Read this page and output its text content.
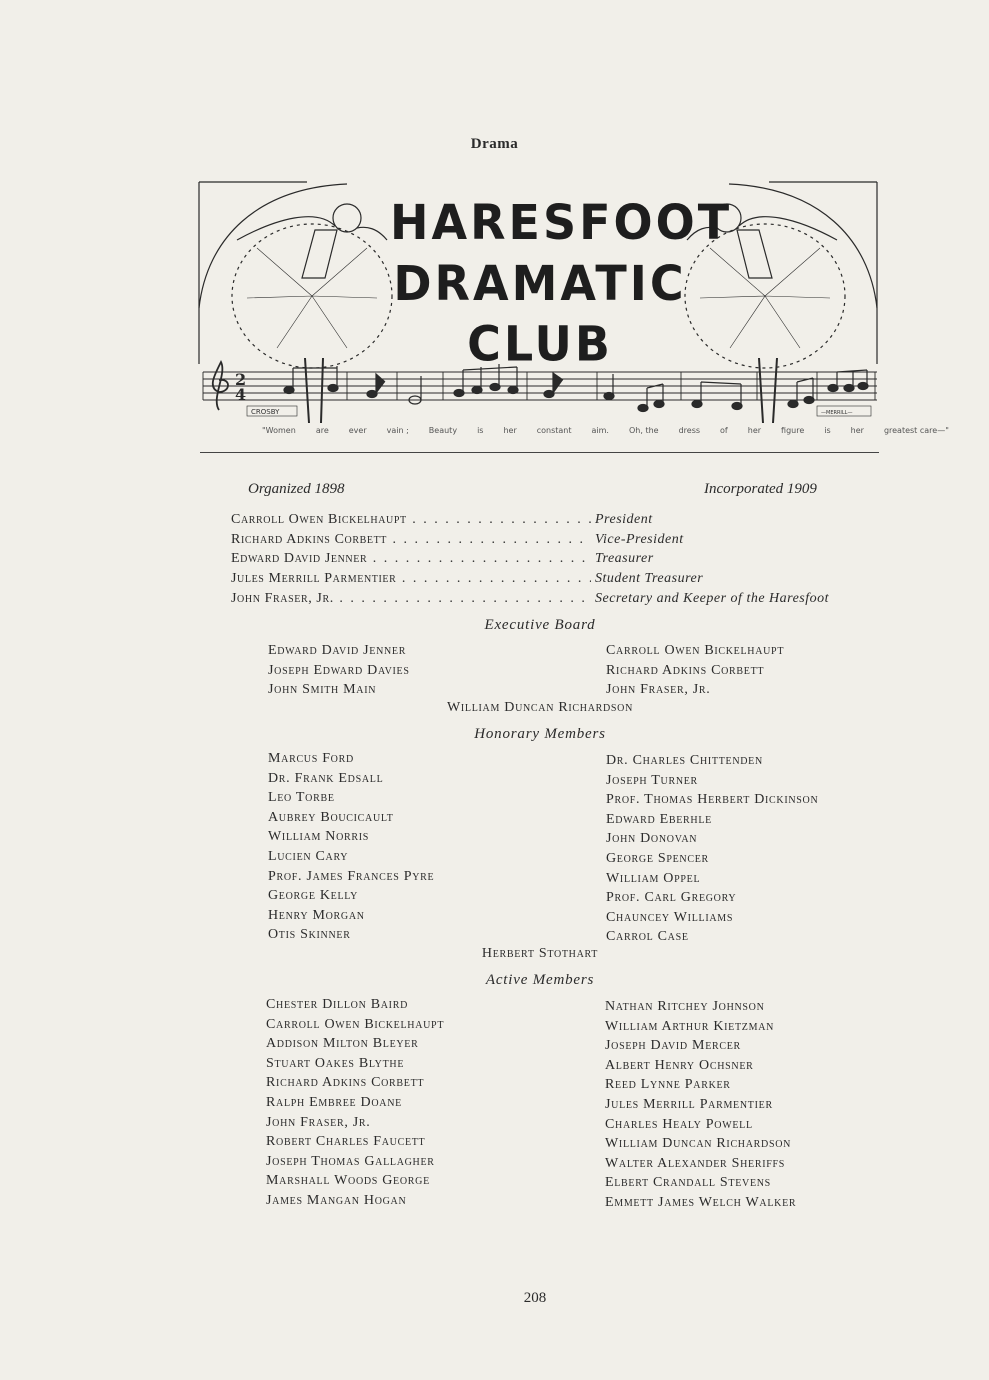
Drama
2
4
CROSBY	—MERRILL—
HARESFOOT
DRAMATIC
CLUB
"Women	are	ever	vain ;	Beauty	is	her	constant	aim.	Oh, the	dress	of	her	figure	is	her	greatest care—"
Organized 1898	Incorporated 1909
Carroll Owen Bickelhaupt . . .	President
Richard Adkins Corbett . . .	Vice-President
Edward David Jenner . . .	Treasurer
Jules Merrill Parmentier . . .	Student Treasurer
John Fraser, Jr. . . .	Secretary and Keeper of the Haresfoot
Executive Board
Edward David Jenner
Joseph Edward Davies
John Smith Main
Carroll Owen Bickelhaupt
Richard Adkins Corbett
John Fraser, Jr.
William Duncan Richardson
Honorary Members
Marcus Ford
Dr. Frank Edsall
Leo Torbe
Aubrey Boucicault
William Norris
Lucien Cary
Prof. James Frances Pyre
George Kelly
Henry Morgan
Otis Skinner
Dr. Charles Chittenden
Joseph Turner
Prof. Thomas Herbert Dickinson
Edward Eberhle
John Donovan
George Spencer
William Oppel
Prof. Carl Gregory
Chauncey Williams
Carrol Case
Herbert Stothart
Active Members
Chester Dillon Baird
Carroll Owen Bickelhaupt
Addison Milton Bleyer
Stuart Oakes Blythe
Richard Adkins Corbett
Ralph Embree Doane
John Fraser, Jr.
Robert Charles Faucett
Joseph Thomas Gallagher
Marshall Woods George
James Mangan Hogan
Nathan Ritchey Johnson
William Arthur Kietzman
Joseph David Mercer
Albert Henry Ochsner
Reed Lynne Parker
Jules Merrill Parmentier
Charles Healy Powell
William Duncan Richardson
Walter Alexander Sheriffs
Elbert Crandall Stevens
Emmett James Welch Walker
208
